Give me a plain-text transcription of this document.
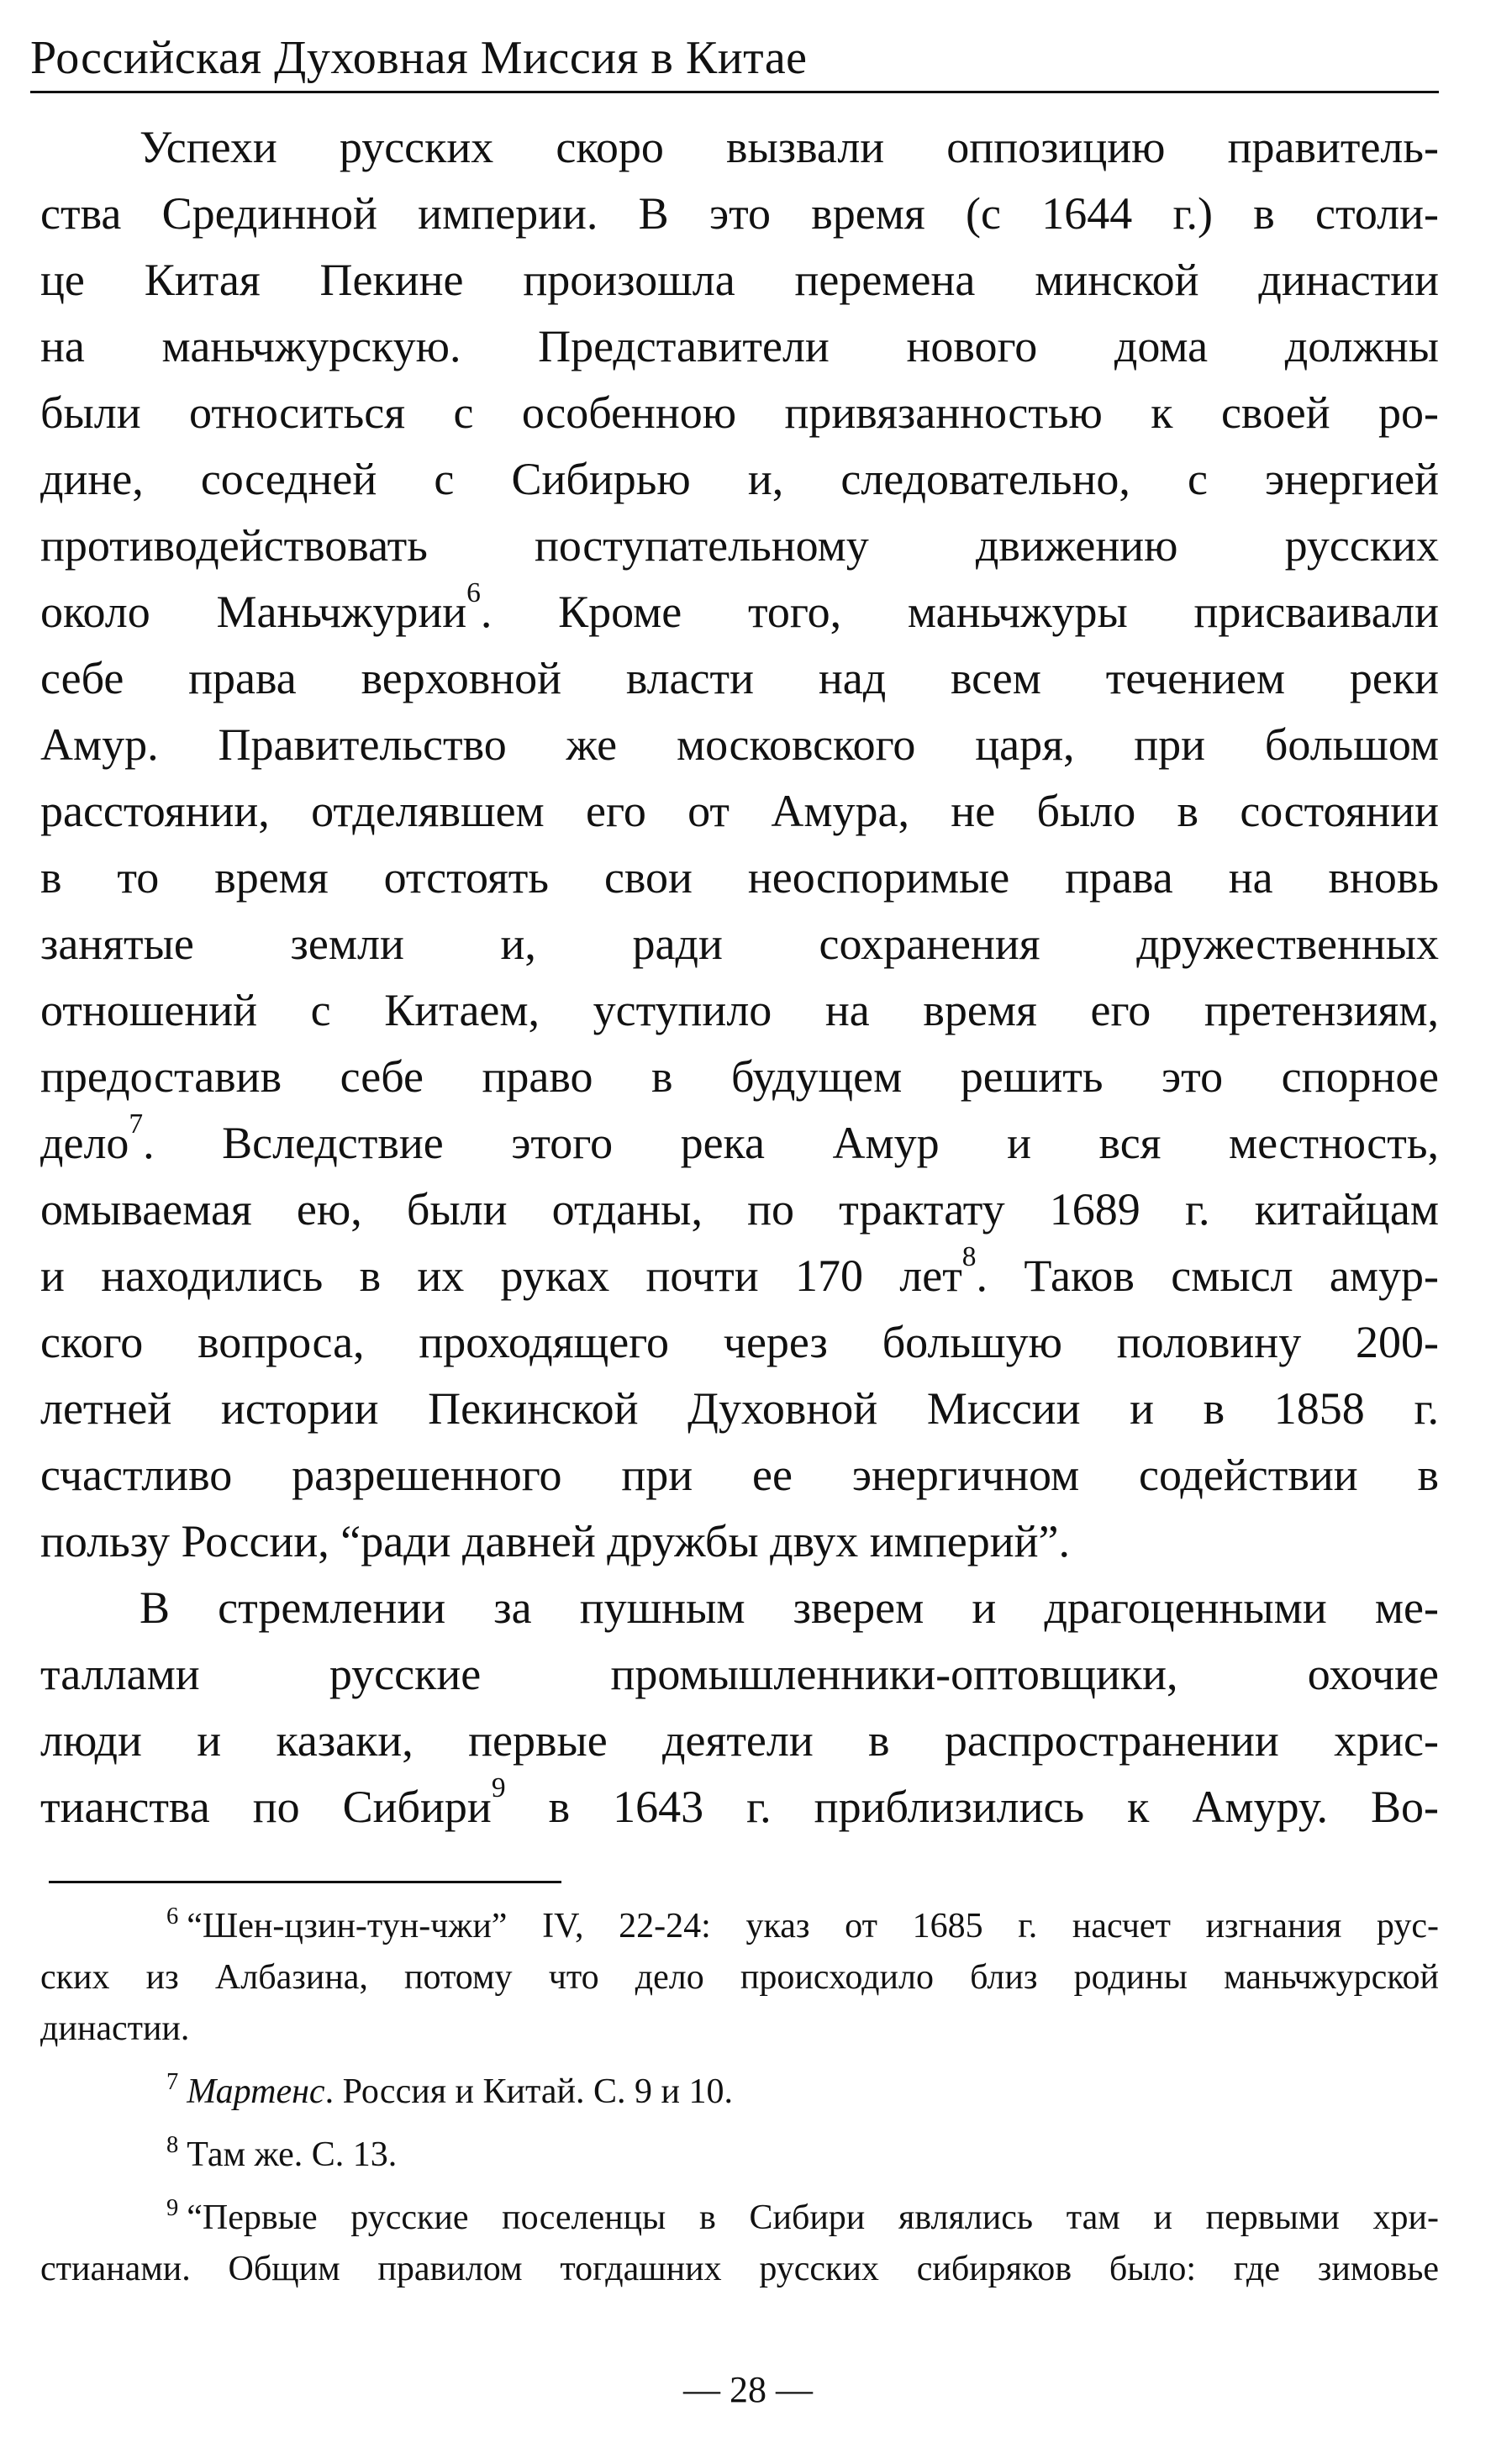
Российская Духовная Миссия в Китае
Успехи русских скоро вызвали оппозицию правитель-
ства Срединной империи. В это время (с 1644 г.) в столи-
це Китая Пекине произошла перемена минской династии
на маньчжурскую. Представители нового дома должны
были относиться с особенною привязанностью к своей ро-
дине, соседней с Сибирью и, следовательно, с энергией
противодействовать поступательному движению русских
около Маньчжурии$^6$. Кроме того, маньчжуры присваивали
себе права верховной власти над всем течением реки
Амур. Правительство же московского царя, при большом
расстоянии, отделявшем его от Амура, не было в состоянии
в то время отстоять свои неоспоримые права на вновь
занятые земли и, ради сохранения дружественных
отношений с Китаем, уступило на время его претензиям,
предоставив себе право в будущем решить это спорное
дело$^7$. Вследствие этого река Амур и вся местность,
омываемая ею, были отданы, по трактату 1689 г. китайцам
и находились в их руках почти 170 лет$^8$. Таков смысл амур-
ского вопроса, проходящего через большую половину 200-
летней истории Пекинской Духовной Миссии и в 1858 г.
счастливо разрешенного при ее энергичном содействии в
пользу России, “ради давней дружбы двух империй”.
В стремлении за пушным зверем и драгоценными ме-
таллами русские промышленники-оптовщики, охочие
люди и казаки, первые деятели в распространении хрис-
тианства по Сибири$^9$ в 1643 г. приблизились к Амуру. Во-
$^6$ “Шен-цзин-тун-чжи” IV, 22-24: указ от 1685 г. насчет изгнания рус-
ских из Албазина, потому что дело происходило близ родины маньчжурской
династии.
$^7$ Мартенс. Россия и Китай. С. 9 и 10.
$^8$ Там же. С. 13.
$^9$ “Первые русские поселенцы в Сибири являлись там и первыми хри-
стианами. Общим правилом тогдашних русских сибиряков было: где зимовье
— 28 —
